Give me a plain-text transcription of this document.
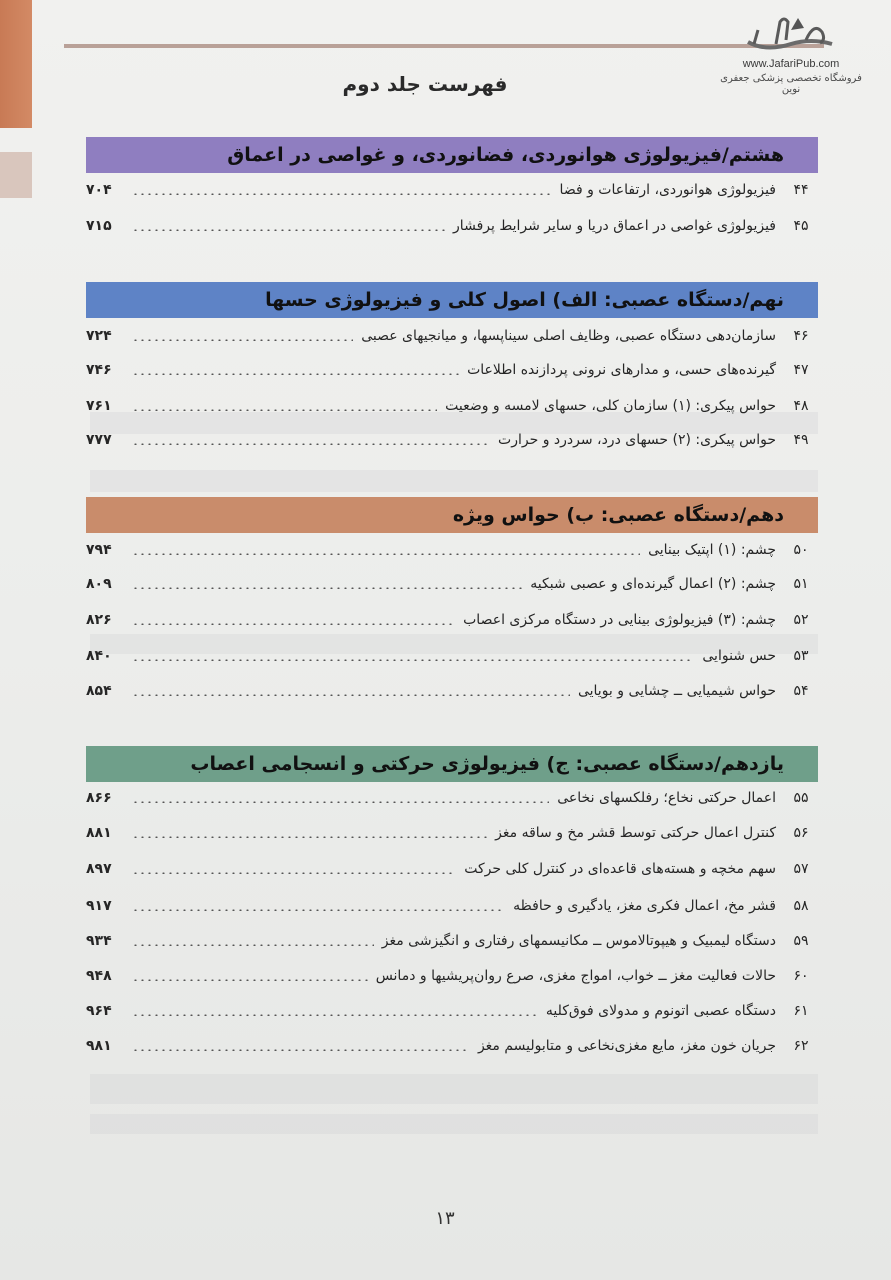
www.JafariPub.com
فروشگاه تخصصی پزشکی جعفری نوین
فهرست جلد دوم
هشتم/فیزیولوژی هوانوردی، فضانوردی، و غواصی در اعماق
۴۴
فیزیولوژی هوانوردی، ارتفاعات و فضا
۷۰۴
۴۵
فیزیولوژی غواصی در اعماق دریا و سایر شرایط پرفشار
۷۱۵
نهم/دستگاه عصبی: الف) اصول کلی و فیزیولوژی حسها
۴۶
سازمان‌دهی دستگاه عصبی، وظایف اصلی سیناپسها، و میانجیهای عصبی
۷۲۴
۴۷
گیرنده‌های حسی، و مدارهای نرونی پردازنده اطلاعات
۷۴۶
۴۸
حواس پیکری: (۱) سازمان کلی، حسهای لامسه و وضعیت
۷۶۱
۴۹
حواس پیکری: (۲) حسهای درد، سردرد و حرارت
۷۷۷
دهم/دستگاه عصبی: ب) حواس ویژه
۵۰
چشم: (۱) اپتیک بینایی
۷۹۴
۵۱
چشم: (۲) اعمال گیرنده‌ای و عصبی شبکیه
۸۰۹
۵۲
چشم: (۳) فیزیولوژی بینایی در دستگاه مرکزی اعصاب
۸۲۶
۵۳
حس شنوایی
۸۴۰
۵۴
حواس شیمیایی ــ چشایی و بویایی
۸۵۴
یازدهم/دستگاه عصبی: ج) فیزیولوژی حرکتی و انسجامی اعصاب
۵۵
اعمال حرکتی نخاع؛ رفلکسهای نخاعی
۸۶۶
۵۶
کنترل اعمال حرکتی توسط قشر مخ و ساقه مغز
۸۸۱
۵۷
سهم مخچه و هسته‌های قاعده‌ای در کنترل کلی حرکت
۸۹۷
۵۸
قشر مخ، اعمال فکری مغز، یادگیری و حافظه
۹۱۷
۵۹
دستگاه لیمبیک و هیپوتالاموس ــ مکانیسمهای رفتاری و انگیزشی مغز
۹۳۴
۶۰
حالات فعالیت مغز ــ خواب، امواج مغزی، صرع روان‌پریشیها و دمانس
۹۴۸
۶۱
دستگاه عصبی اتونوم و مدولای فوق‌کلیه
۹۶۴
۶۲
جریان خون مغز، مایع مغزی‌نخاعی و متابولیسم مغز
۹۸۱
۱۳
